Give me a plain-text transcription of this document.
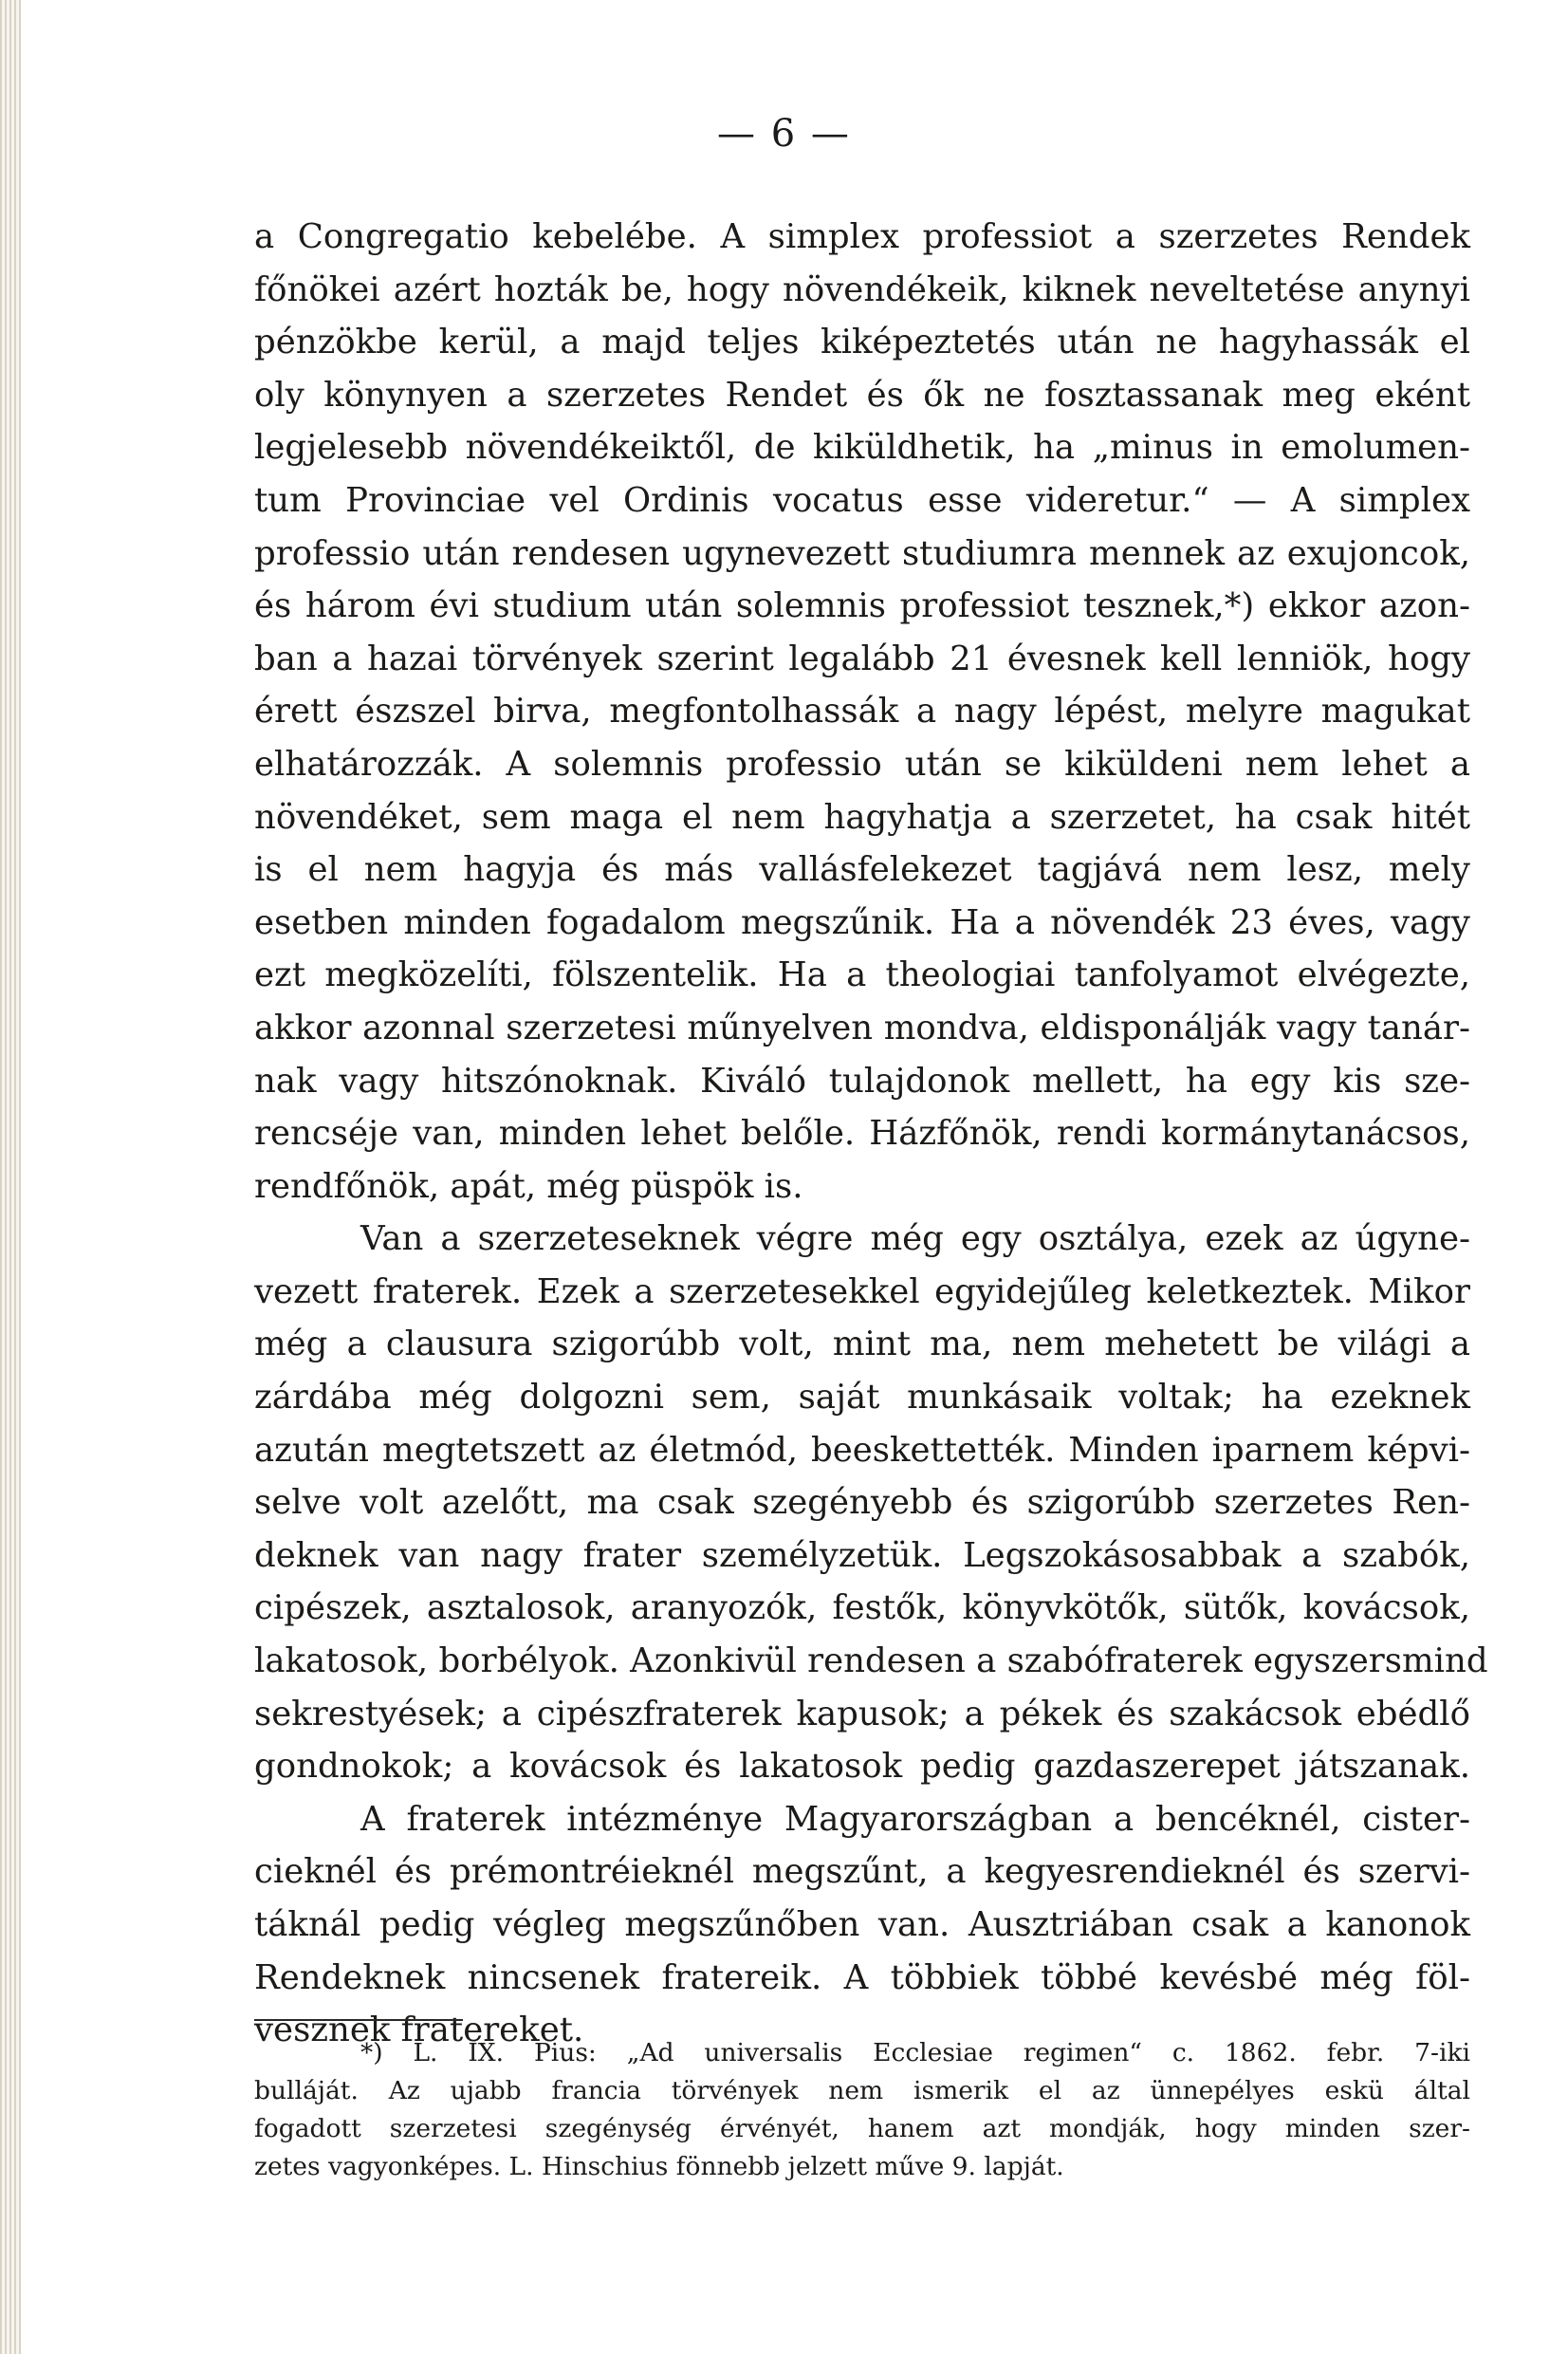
— 6 —
a Congregatio kebelébe. A simplex professiot a szerzetes Rendek
főnökei azért hozták be, hogy növendékeik, kiknek neveltetése anynyi
pénzökbe kerül, a majd teljes kiképeztetés után ne hagyhassák el
oly könynyen a szerzetes Rendet és ők ne fosztassanak meg eként
legjelesebb növendékeiktől, de kiküldhetik, ha „minus in emolumen-
tum Provinciae vel Ordinis vocatus esse videretur.“ — A simplex
professio után rendesen ugynevezett studiumra mennek az exujoncok,
és három évi studium után solemnis professiot tesznek,*) ekkor azon-
ban a hazai törvények szerint legalább 21 évesnek kell lenniök, hogy
érett észszel birva, megfontolhassák a nagy lépést, melyre magukat
elhatározzák. A solemnis professio után se kiküldeni nem lehet a
növendéket, sem maga el nem hagyhatja a szerzetet, ha csak hitét
is el nem hagyja és más vallásfelekezet tagjává nem lesz, mely
esetben minden fogadalom megszűnik. Ha a növendék 23 éves, vagy
ezt megközelíti, fölszentelik. Ha a theologiai tanfolyamot elvégezte,
akkor azonnal szerzetesi műnyelven mondva, eldisponálják vagy tanár-
nak vagy hitszónoknak. Kiváló tulajdonok mellett, ha egy kis sze-
rencséje van, minden lehet belőle. Házfőnök, rendi kormánytanácsos,
rendfőnök, apát, még püspök is.
Van a szerzeteseknek végre még egy osztálya, ezek az úgyne-
vezett fraterek. Ezek a szerzetesekkel egyidejűleg keletkeztek. Mikor
még a clausura szigorúbb volt, mint ma, nem mehetett be világi a
zárdába még dolgozni sem, saját munkásaik voltak; ha ezeknek
azután megtetszett az életmód, beeskettették. Minden iparnem képvi-
selve volt azelőtt, ma csak szegényebb és szigorúbb szerzetes Ren-
deknek van nagy frater személyzetük. Legszokásosabbak a szabók,
cipészek, asztalosok, aranyozók, festők, könyvkötők, sütők, kovácsok,
lakatosok, borbélyok. Azonkivül rendesen a szabófraterek egyszersmind
sekrestyések; a cipészfraterek kapusok; a pékek és szakácsok ebédlő
gondnokok; a kovácsok és lakatosok pedig gazdaszerepet játszanak.
A fraterek intézménye Magyarországban a bencéknél, cister-
cieknél és prémontréieknél megszűnt, a kegyesrendieknél és szervi-
táknál pedig végleg megszűnőben van. Ausztriában csak a kanonok
Rendeknek nincsenek fratereik. A többiek többé kevésbé még föl-
vesznek fratereket.
*) L. IX. Pius: „Ad universalis Ecclesiae regimen“ c. 1862. febr. 7-iki
bulláját. Az ujabb francia törvények nem ismerik el az ünnepélyes eskü által
fogadott szerzetesi szegénység érvényét, hanem azt mondják, hogy minden szer-
zetes vagyonképes. L. Hinschius fönnebb jelzett műve 9. lapját.
